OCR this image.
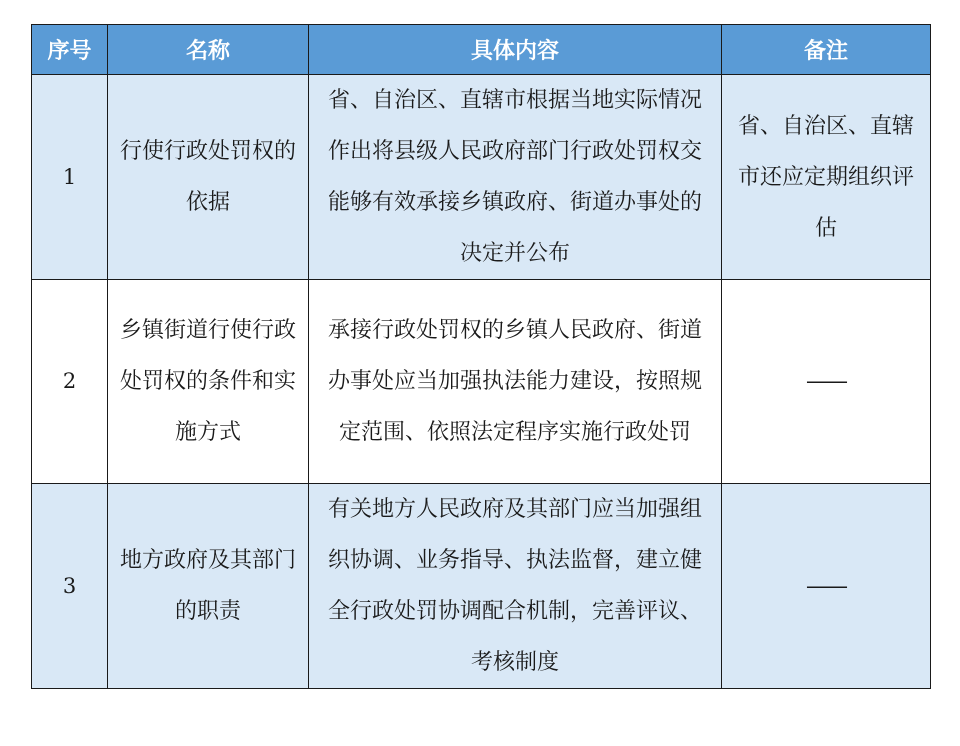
序号	名称	具体内容	备注
1	行使行政处罚权的依据	省、自治区、直辖市根据当地实际情况作出将县级人民政府部门行政处罚权交能够有效承接乡镇政府、街道办事处的决定并公布	省、自治区、直辖市还应定期组织评估
2	乡镇街道行使行政处罚权的条件和实施方式	承接行政处罚权的乡镇人民政府、街道办事处应当加强执法能力建设，按照规定范围、依照法定程序实施行政处罚	——
3	地方政府及其部门的职责	有关地方人民政府及其部门应当加强组织协调、业务指导、执法监督，建立健全行政处罚协调配合机制，完善评议、考核制度	——
